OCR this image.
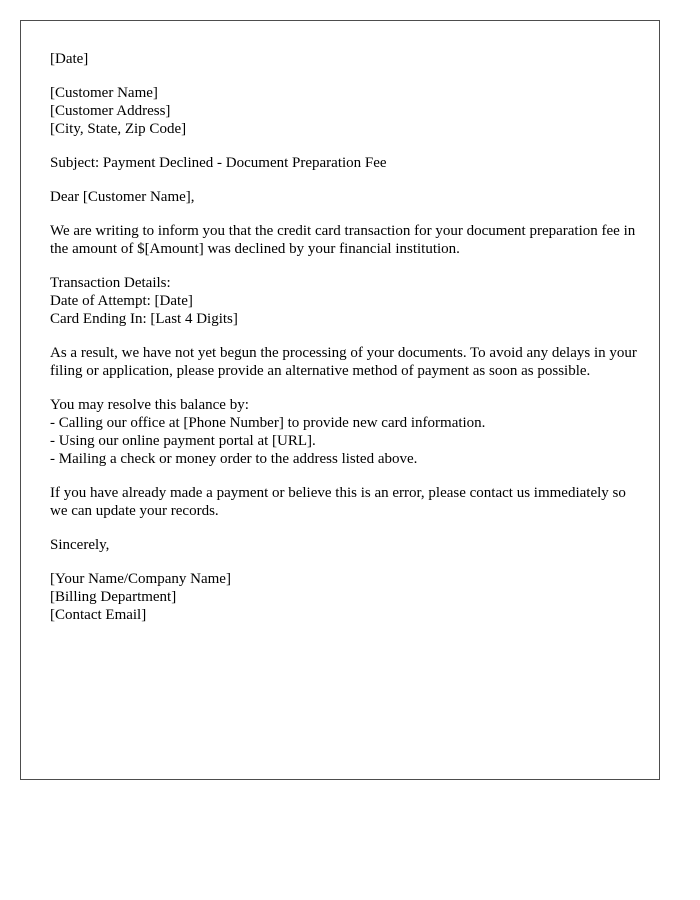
[Date]
[Customer Name]
[Customer Address]
[City, State, Zip Code]
Subject: Payment Declined - Document Preparation Fee
Dear [Customer Name],
We are writing to inform you that the credit card transaction for your document preparation fee in the amount of $[Amount] was declined by your financial institution.
Transaction Details:
Date of Attempt: [Date]
Card Ending In: [Last 4 Digits]
As a result, we have not yet begun the processing of your documents. To avoid any delays in your filing or application, please provide an alternative method of payment as soon as possible.
You may resolve this balance by:
- Calling our office at [Phone Number] to provide new card information.
- Using our online payment portal at [URL].
- Mailing a check or money order to the address listed above.
If you have already made a payment or believe this is an error, please contact us immediately so we can update your records.
Sincerely,
[Your Name/Company Name]
[Billing Department]
[Contact Email]
